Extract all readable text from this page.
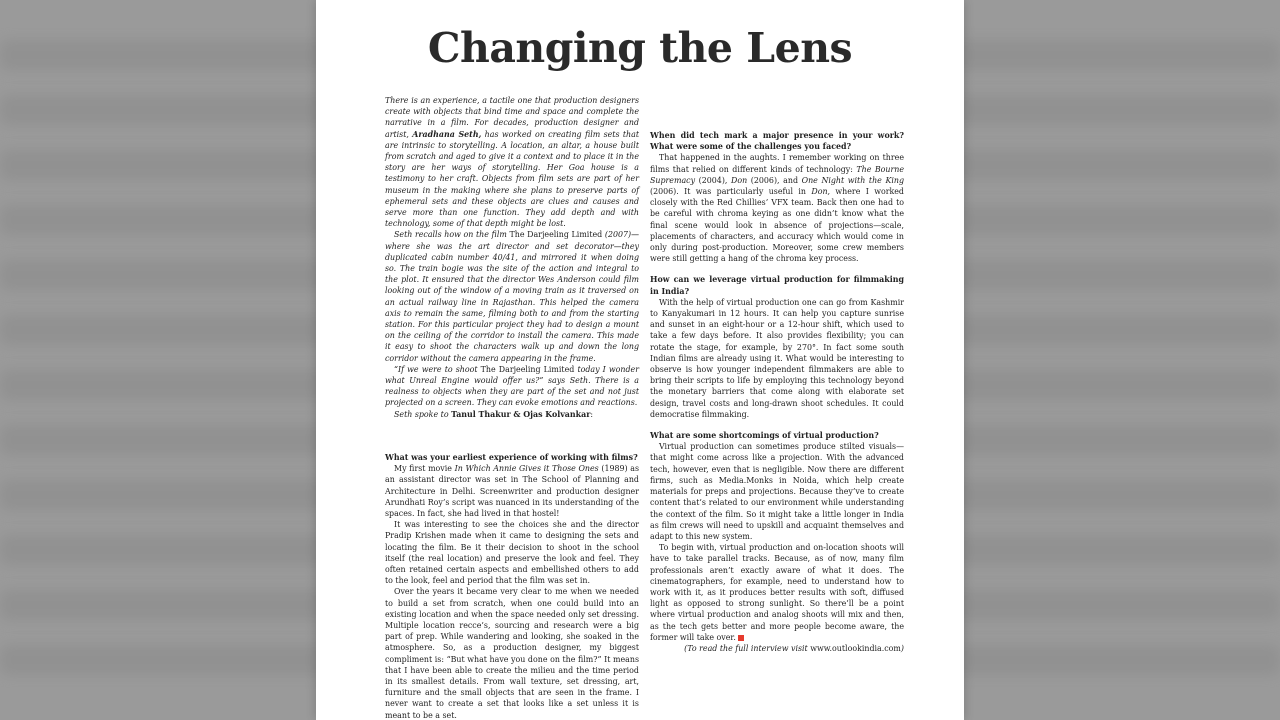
Changing the Lens

There is an experience, a tactile one that production designers create with objects that bind time and space and complete the narrative in a film. For decades, production designer and artist, Aradhana Seth, has worked on creating film sets that are intrinsic to storytelling. A location, an altar, a house built from scratch and aged to give it a context and to place it in the story are her ways of storytelling. Her Goa house is a testimony to her craft. Objects from film sets are part of her museum in the making where she plans to preserve parts of ephemeral sets and these objects are clues and causes and serve more than one function. They add depth and with technology, some of that depth might be lost.

Seth recalls how on the film The Darjeeling Limited (2007)—where she was the art director and set decorator—they duplicated cabin number 40/41, and mirrored it when doing so. The train bogie was the site of the action and integral to the plot. It ensured that the director Wes Anderson could film looking out of the window of a moving train as it traversed on an actual railway line in Rajasthan. This helped the camera axis to remain the same, filming both to and from the starting station. For this particular project they had to design a mount on the ceiling of the corridor to install the camera. This made it easy to shoot the characters walk up and down the long corridor without the camera appearing in the frame.

“If we were to shoot The Darjeeling Limited today I wonder what Unreal Engine would offer us?” says Seth. There is a realness to objects when they are part of the set and not just projected on a screen. They can evoke emotions and reactions.

Seth spoke to Tanul Thakur & Ojas Kolvankar:

What was your earliest experience of working with films?

My first movie In Which Annie Gives it Those Ones (1989) as an assistant director was set in The School of Planning and Architecture in Delhi. Screenwriter and production designer Arundhati Roy’s script was nuanced in its understanding of the spaces. In fact, she had lived in that hostel!

It was interesting to see the choices she and the director Pradip Krishen made when it came to designing the sets and locating the film. Be it their decision to shoot in the school itself (the real location) and preserve the look and feel. They often retained certain aspects and embellished others to add to the look, feel and period that the film was set in.

Over the years it became very clear to me when we needed to build a set from scratch, when one could build into an existing location and when the space needed only set dressing. Multiple location recce’s, sourcing and research were a big part of prep. While wandering and looking, she soaked in the atmosphere. So, as a production designer, my biggest compliment is: “But what have you done on the film?” It means that I have been able to create the milieu and the time period in its smallest details. From wall texture, set dressing, art, furniture and the small objects that are seen in the frame. I never want to create a set that looks like a set unless it is meant to be a set.

When did tech mark a major presence in your work? What were some of the challenges you faced?

That happened in the aughts. I remember working on three films that relied on different kinds of technology: The Bourne Supremacy (2004), Don (2006), and One Night with the King (2006). It was particularly useful in Don, where I worked closely with the Red Chillies’ VFX team. Back then one had to be careful with chroma keying as one didn’t know what the final scene would look in absence of projections—scale, placements of characters, and accuracy which would come in only during post-production. Moreover, some crew members were still getting a hang of the chroma key process.

How can we leverage virtual production for filmmaking in India?

With the help of virtual production one can go from Kashmir to Kanyakumari in 12 hours. It can help you capture sunrise and sunset in an eight-hour or a 12-hour shift, which used to take a few days before. It also provides flexibility; you can rotate the stage, for example, by 270°. In fact some south Indian films are already using it. What would be interesting to observe is how younger independent filmmakers are able to bring their scripts to life by employing this technology beyond the monetary barriers that come along with elaborate set design, travel costs and long-drawn shoot schedules. It could democratise filmmaking.

What are some shortcomings of virtual production?

Virtual production can sometimes produce stilted visuals—that might come across like a projection. With the advanced tech, however, even that is negligible. Now there are different firms, such as Media.Monks in Noida, which help create materials for preps and projections. Because they’ve to create content that’s related to our environment while understanding the context of the film. So it might take a little longer in India as film crews will need to upskill and acquaint themselves and adapt to this new system.

To begin with, virtual production and on-location shoots will have to take parallel tracks. Because, as of now, many film professionals aren’t exactly aware of what it does. The cinematographers, for example, need to understand how to work with it, as it produces better results with soft, diffused light as opposed to strong sunlight. So there’ll be a point where virtual production and analog shoots will mix and then, as the tech gets better and more people become aware, the former will take over.

(To read the full interview visit www.outlookindia.com)
